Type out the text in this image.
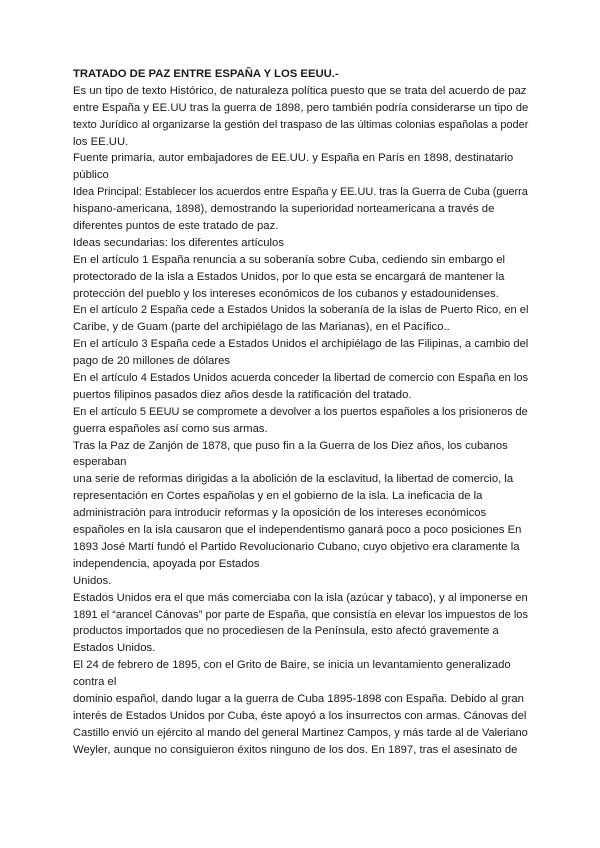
TRATADO DE PAZ ENTRE ESPAÑA Y LOS EEUU.-
Es un tipo de texto Histórico, de naturaleza política puesto que se trata del acuerdo de paz
entre España y EE.UU tras la guerra de 1898, pero también podría considerarse un tipo de
texto Jurídico al organizarse la gestión del traspaso de las últimas colonias españolas a poder
los EE.UU.
Fuente primaria, autor embajadores de EE.UU. y España en París en 1898, destinatario
público
Idea Principal: Establecer los acuerdos entre España y EE.UU. tras la Guerra de Cuba (guerra
hispano-americana, 1898), demostrando la superioridad norteamericana a través de
diferentes puntos de este tratado de paz.
Ideas secundarias: los diferentes artículos
En el artículo 1 España renuncia a su soberanía sobre Cuba, cediendo sin embargo el
protectorado de la isla a Estados Unidos, por lo que esta se encargará de mantener la
protección del pueblo y los intereses económicos de los cubanos y estadounidenses.
En el artículo 2 España cede a Estados Unidos la soberanía de la islas de Puerto Rico, en el
Caribe, y de Guam (parte del archipiélago de las Marianas), en el Pacífico..
En el artículo 3 España cede a Estados Unidos el archipiélago de las Filipinas, a cambio del
pago de 20 millones de dólares
En el artículo 4 Estados Unidos acuerda conceder la libertad de comercio con España en los
puertos filipinos pasados diez años desde la ratificación del tratado.
En el artículo 5 EEUU se compromete a devolver a los puertos españoles a los prisioneros de
guerra españoles así como sus armas.
Tras la Paz de Zanjón de 1878, que puso fin a la Guerra de los Diez años, los cubanos
esperaban
una serie de reformas dirigidas a la abolición de la esclavitud, la libertad de comercio, la
representación en Cortes españolas y en el gobierno de la isla. La ineficacia de la
administración para introducir reformas y la oposición de los intereses económicos
españoles en la isla causaron que el independentismo ganará poco a poco posiciones En
1893 José Martí fundó el Partido Revolucionario Cubano, cuyo objetivo era claramente la
independencia, apoyada por Estados
Unidos.
Estados Unidos era el que más comerciaba con la isla (azúcar y tabaco), y al imponerse en
1891 el “arancel Cánovas” por parte de España, que consistía en elevar los impuestos de los
productos importados que no procediesen de la Península, esto afectó gravemente a
Estados Unidos.
El 24 de febrero de 1895, con el Grito de Baire, se inicia un levantamiento generalizado
contra el
dominio español, dando lugar a la guerra de Cuba 1895-1898 con España. Debido al gran
interés de Estados Unidos por Cuba, éste apoyó a los insurrectos con armas. Cánovas del
Castillo envió un ejército al mando del general Martinez Campos, y más tarde al de Valeriano
Weyler, aunque no consiguieron éxitos ninguno de los dos. En 1897, tras el asesinato de
